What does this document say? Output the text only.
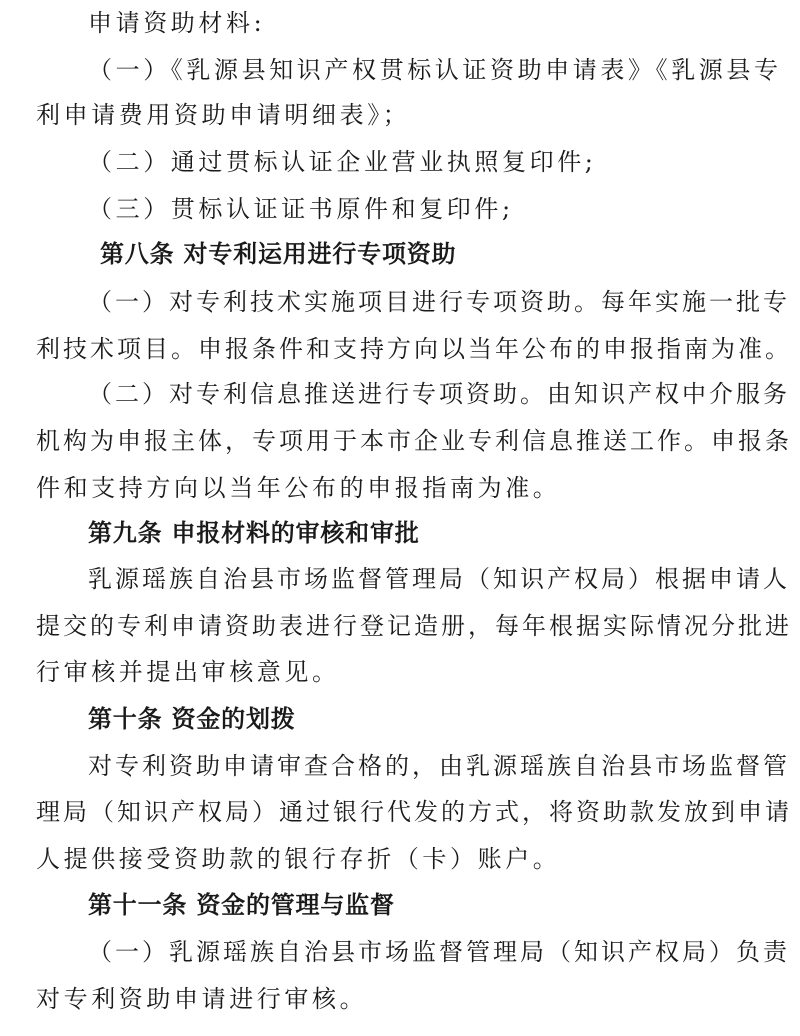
申请资助材料:
（一）《乳源县知识产权贯标认证资助申请表》《乳源县专
利申请费用资助申请明细表》；
（二）通过贯标认证企业营业执照复印件;
（三）贯标认证证书原件和复印件;
第八条 对专利运用进行专项资助
（一）对专利技术实施项目进行专项资助。每年实施一批专
利技术项目。申报条件和支持方向以当年公布的申报指南为准。
（二）对专利信息推送进行专项资助。由知识产权中介服务
机构为申报主体，专项用于本市企业专利信息推送工作。申报条
件和支持方向以当年公布的申报指南为准。
第九条 申报材料的审核和审批
乳源瑶族自治县市场监督管理局（知识产权局）根据申请人
提交的专利申请资助表进行登记造册，每年根据实际情况分批进
行审核并提出审核意见。
第十条 资金的划拨
对专利资助申请审查合格的，由乳源瑶族自治县市场监督管
理局（知识产权局）通过银行代发的方式，将资助款发放到申请
人提供接受资助款的银行存折（卡）账户。
第十一条 资金的管理与监督
（一）乳源瑶族自治县市场监督管理局（知识产权局）负责
对专利资助申请进行审核。
